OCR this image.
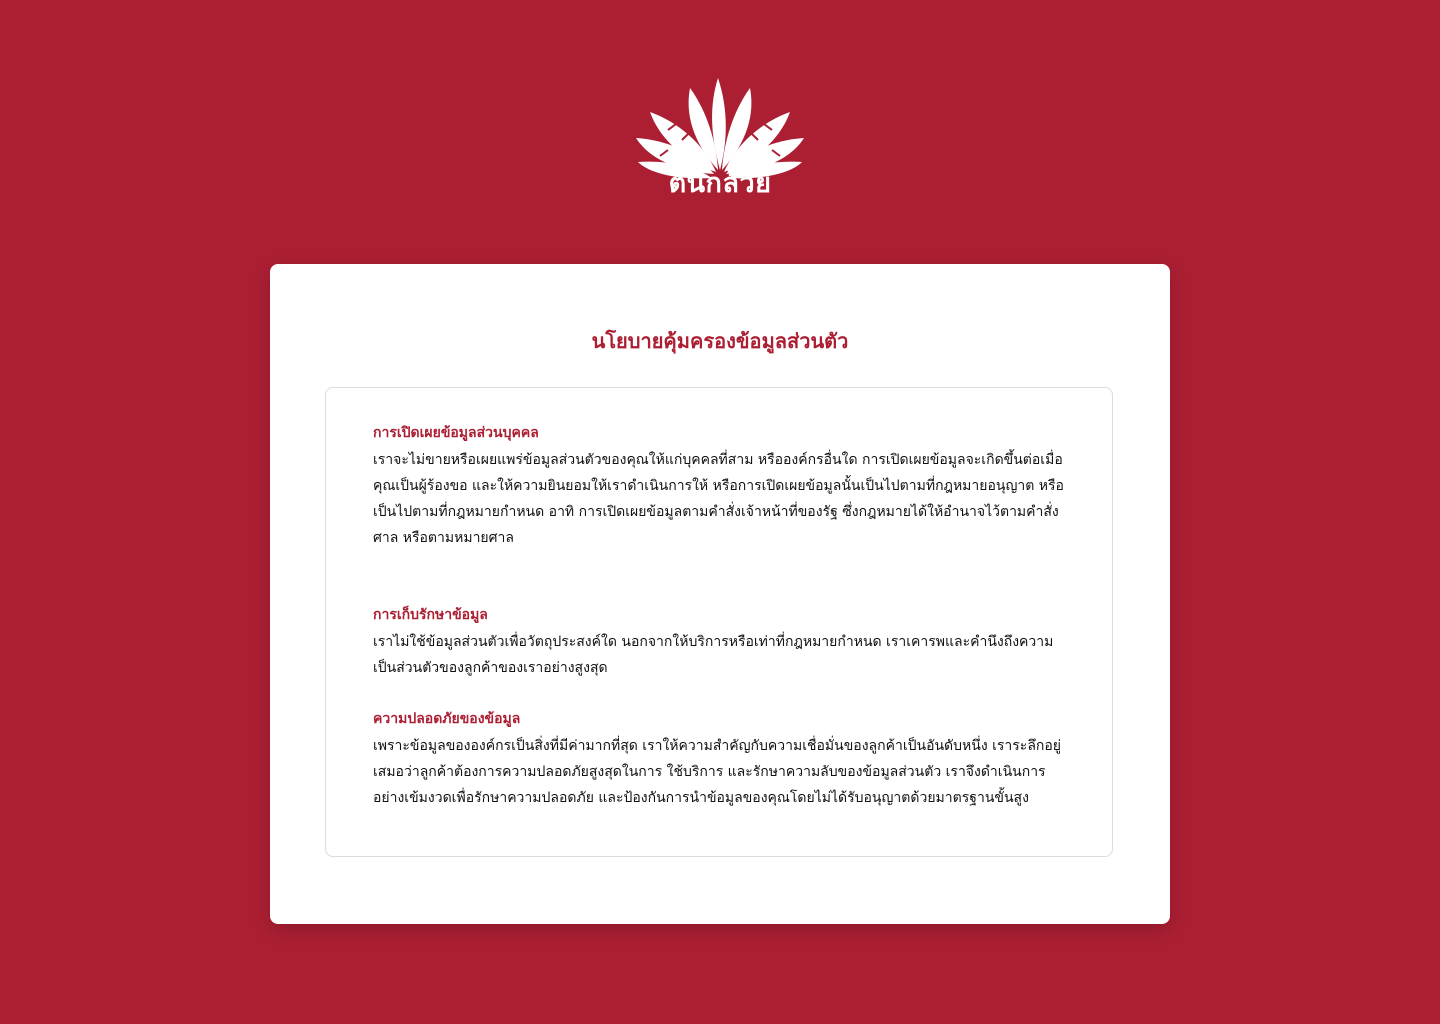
ต้นกล้วย
นโยบายคุ้มครองข้อมูลส่วนตัว

การเปิดเผยข้อมูลส่วนบุคคล

เราจะไม่ขายหรือเผยแพร่ข้อมูลส่วนตัวของคุณให้แก่บุคคลที่สาม หรือองค์กรอื่นใด การเปิดเผยข้อมูลจะเกิดขึ้นต่อเมื่อคุณเป็นผู้ร้องขอ และให้ความยินยอมให้เราดำเนินการให้ หรือการเปิดเผยข้อมูลนั้นเป็นไปตามที่กฎหมายอนุญาต หรือเป็นไปตามที่กฎหมายกำหนด อาทิ การเปิดเผยข้อมูลตามคำสั่งเจ้าหน้าที่ของรัฐ ซึ่งกฎหมายได้ให้อำนาจไว้ตามคำสั่งศาล หรือตามหมายศาล

การเก็บรักษาข้อมูล

เราไม่ใช้ข้อมูลส่วนตัวเพื่อวัตถุประสงค์ใด นอกจากให้บริการหรือเท่าที่กฎหมายกำหนด เราเคารพและคำนึงถึงความเป็นส่วนตัวของลูกค้าของเราอย่างสูงสุด

ความปลอดภัยของข้อมูล

เพราะข้อมูลขององค์กรเป็นสิ่งที่มีค่ามากที่สุด เราให้ความสำคัญกับความเชื่อมั่นของลูกค้าเป็นอันดับหนึ่ง เราระลึกอยู่เสมอว่าลูกค้าต้องการความปลอดภัยสูงสุดในการ ใช้บริการ และรักษาความลับของข้อมูลส่วนตัว เราจึงดำเนินการอย่างเข้มงวดเพื่อรักษาความปลอดภัย และป้องกันการนำข้อมูลของคุณโดยไม่ได้รับอนุญาตด้วยมาตรฐานขั้นสูง
